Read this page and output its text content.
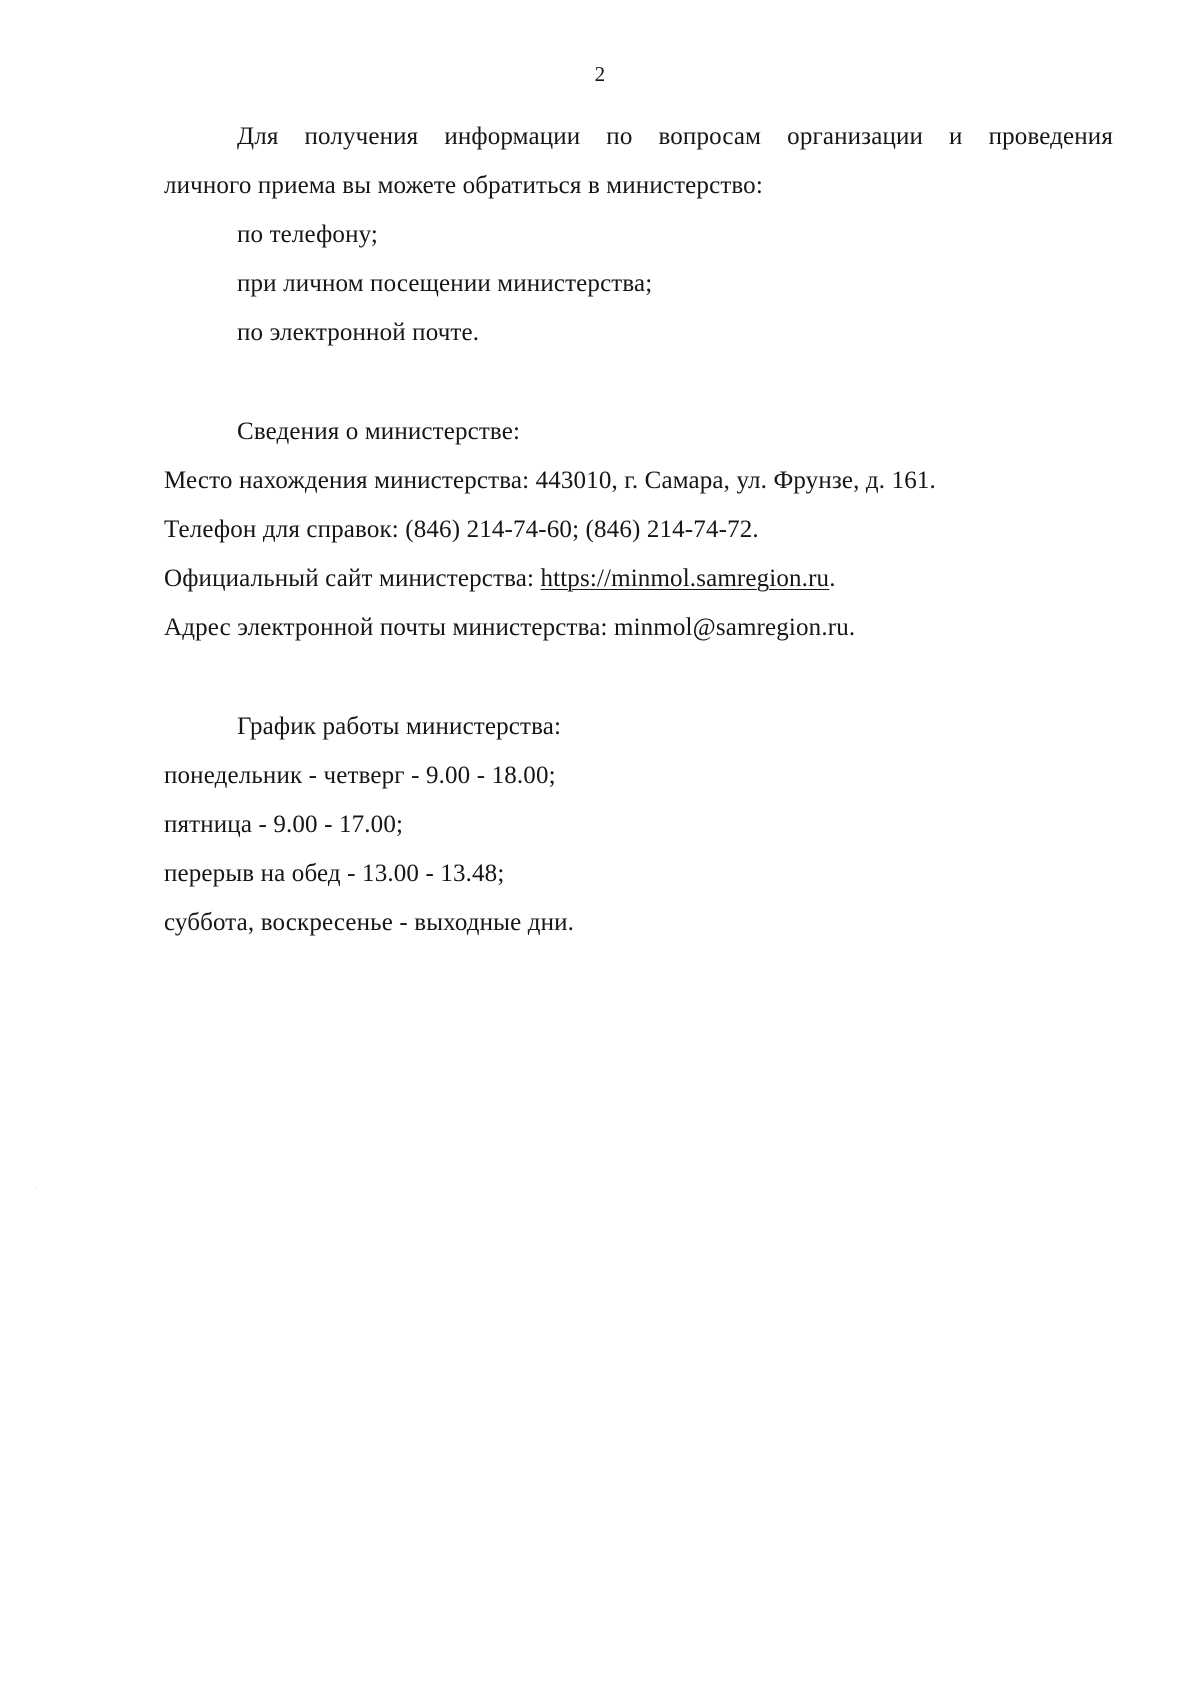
2
Для получения информации по вопросам организации и проведения
личного приема вы можете обратиться в министерство:
по телефону;
при личном посещении министерства;
по электронной почте.
Сведения о министерстве:
Место нахождения министерства: 443010, г. Самара, ул. Фрунзе, д. 161.
Телефон для справок: (846) 214-74-60; (846) 214-74-72.
Официальный сайт министерства: https://minmol.samregion.ru.
Адрес электронной почты министерства: minmol@samregion.ru.
График работы министерства:
понедельник - четверг - 9.00 - 18.00;
пятница - 9.00 - 17.00;
перерыв на обед - 13.00 - 13.48;
суббота, воскресенье - выходные дни.
